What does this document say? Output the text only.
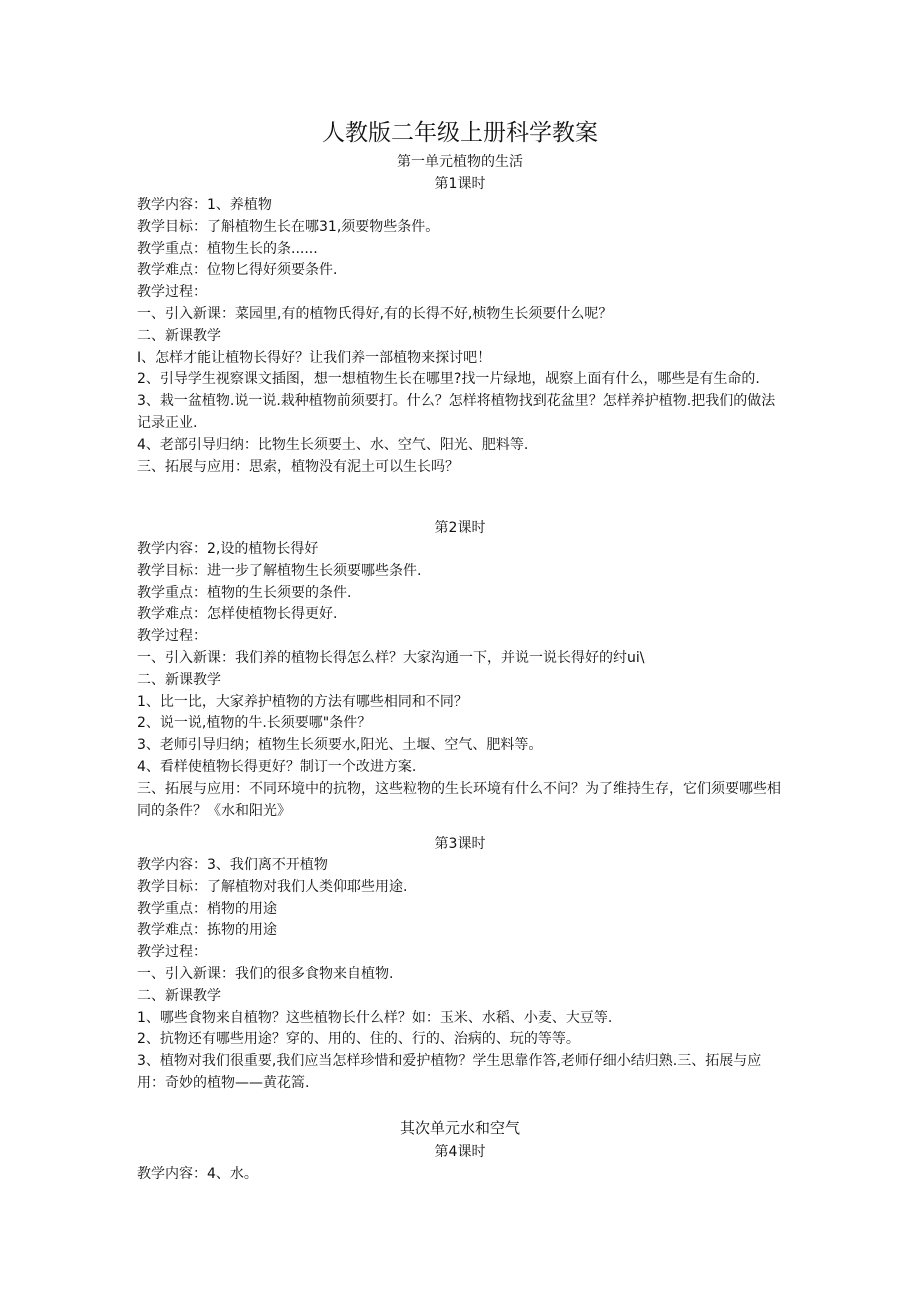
人教版二年级上册科学教案
第一单元植物的生活
第1课时

教学内容：1、养植物

教学目标：了斛植物生长在哪31,须要物些条件。

教学重点：植物生长的条......

教学难点：位物匕得好须要条件.

教学过程：

一、引入新课：菜园里,有的植物氏得好,有的长得不好,桢物生长须要什么呢？

二、新课教学

I、怎样才能让植物长得好？让我们养一部植物来探讨吧！

2、引导学生视察课文插图，想一想植物生长在哪里?找一片绿地，觇察上面有什么，哪些是有生命的.

3、栽一盆植物.说一说.栽种植物前须要打。什么？怎样将植物找到花盆里？怎样养护植物.把我们的做法记录正业.

4、老部引导归纳：比物生长须要土、水、空气、阳光、肥料等.

三、拓展与应用：思索，植物没有泥土可以生长吗？

第2课时

教学内容：2,设的植物长得好

教学目标：进一步了解植物生长须要哪些条件.

教学重点：植物的生长须要的条件.

教学难点：怎样使植物长得更好.

教学过程：

一、引入新课：我们养的植物长得怎么样？大家沟通一下，并说一说长得好的纣ui\

二、新课教学

1、比一比，大家养护植物的方法有哪些相同和不同？

2、说一说,植物的牛.长须要哪"条件？

3、老师引导归纳；植物生长须要水,阳光、土堰、空气、肥料等。

4、看样使植物长得更好？制订一个改进方案.

三、拓展与应用：不同环境中的抗物，这些粒物的生长环境有什么不问？为了维持生存，它们须要哪些相同的条件？《水和阳光》

第3课时

教学内容：3、我们离不开植物

教学目标：了解植物对我们人类仰耶些用途.

教学重点：梢物的用途

教学难点：拣物的用途

教学过程：

一、引入新课：我们的很多食物来自植物.

二、新课教学

1、哪些食物来自植物？这些植物长什么样？如：玉米、水稻、小麦、大豆等.

2、抗物还有哪些用途？穿的、用的、住的、行的、治病的、玩的等等。

3、植物对我们很重要,我们应当怎样珍惜和爱护植物？学生思靠作答,老师仔细小结归熟.三、拓展与应用：奇妙的植物——黄花篙.

其次单元水和空气
第4课时

教学内容：4、水。
